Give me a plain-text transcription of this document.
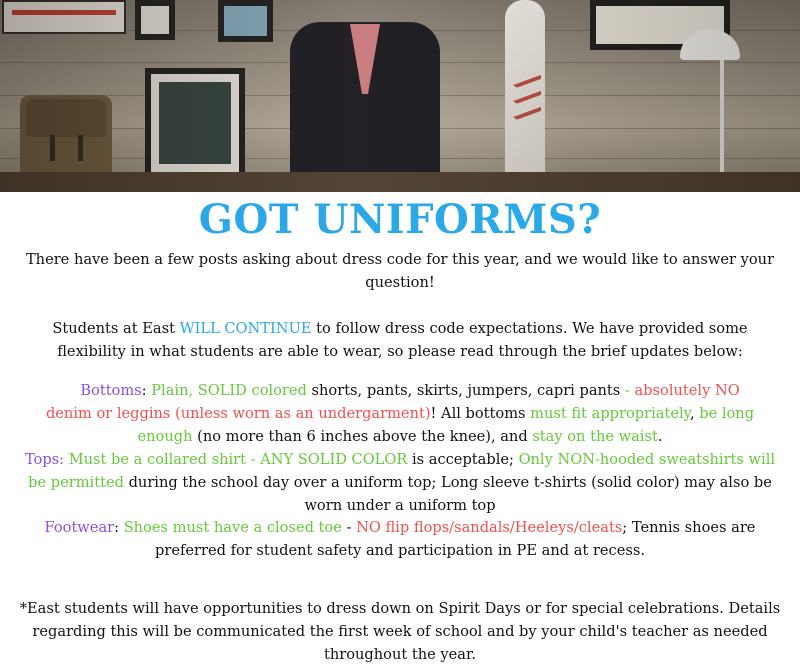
GOT UNIFORMS?

There have been a few posts asking about dress code for this year, and we would like to answer your question!

Students at East WILL CONTINUE to follow dress code expectations. We have provided some flexibility in what students are able to wear, so please read through the brief updates below:

Bottoms: Plain, SOLID colored shorts, pants, skirts, jumpers, capri pants - absolutely NO denim or leggins (unless worn as an undergarment)! All bottoms must fit appropriately, be long enough (no more than 6 inches above the knee), and stay on the waist.

Tops: Must be a collared shirt - ANY SOLID COLOR is acceptable; Only NON-hooded sweatshirts will be permitted during the school day over a uniform top; Long sleeve t-shirts (solid color) may also be worn under a uniform top

Footwear: Shoes must have a closed toe - NO flip flops/sandals/Heeleys/cleats; Tennis shoes are preferred for student safety and participation in PE and at recess.

*East students will have opportunities to dress down on Spirit Days or for special celebrations. Details regarding this will be communicated the first week of school and by your child's teacher as needed throughout the year.
